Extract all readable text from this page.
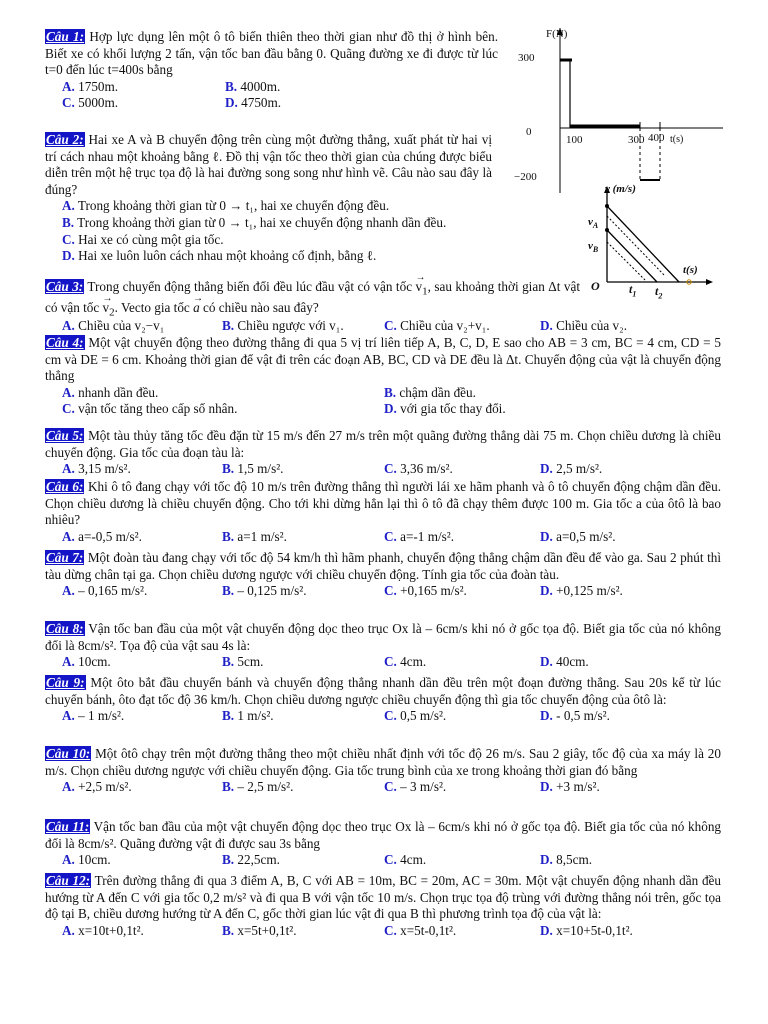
Câu 1: Hợp lực dụng lên một ô tô biến thiên theo thời gian như đồ thị ở hình bên. Biết xe có khối lượng 2 tấn, vận tốc ban đầu bằng 0. Quãng đường xe đi được từ lúc t=0 đến lúc t=400s bằng

A. 1750m.	B. 4000m.
C. 5000m.	D. 4750m.
F(N)
300
0
−200
100	300 400 t(s)

Câu 2: Hai xe A và B chuyển động trên cùng một đường thẳng, xuất phát từ hai vị trí cách nhau một khoảng bằng ℓ. Đồ thị vận tốc theo thời gian của chúng được biểu diễn trên một hệ trục tọa độ là hai đường song song như hình vẽ. Câu nào sau đây là đúng?

A. Trong khoảng thời gian từ 0 → t₁, hai xe chuyển động đều.
B. Trong khoảng thời gian từ 0 → t₁, hai xe chuyển động nhanh dần đều.
C. Hai xe có cùng một gia tốc.
D. Hai xe luôn luôn cách nhau một khoảng cố định, bằng ℓ.
v (m/s)
$v_A$
$v_B$
O
t(s)
$t_1$ $t_2$

Câu 3: Trong chuyển động thẳng biến đổi đều lúc đầu vật có vận tốc → $v_1$, sau khoảng thời gian Δt vật có vận tốc → $v_2$. Vecto gia tốc → a có chiều nào sau đây?

A. Chiều của v₂−v₁	B. Chiều ngược với v₁.	C. Chiều của v₂+v₁.	D. Chiều của v₂.

Câu 4: Một vật chuyển động theo đường thẳng đi qua 5 vị trí liên tiếp A, B, C, D, E sao cho AB = 3 cm, BC = 4 cm, CD = 5 cm và DE = 6 cm. Khoảng thời gian để vật đi trên các đoạn AB, BC, CD và DE đều là Δt. Chuyển động của vật là chuyển động thẳng

A. nhanh dần đều.	B. chậm dần đều.
C. vận tốc tăng theo cấp số nhân.	D. với gia tốc thay đổi.

Câu 5: Một tàu thủy tăng tốc đều đặn từ 15 m/s đến 27 m/s trên một quãng đường thẳng dài 75 m. Chọn chiều dương là chiều chuyển động. Gia tốc của đoạn tàu là:

A. 3,15 m/s².	B. 1,5 m/s².	C. 3,36 m/s².	D. 2,5 m/s².

Câu 6: Khi ô tô đang chạy với tốc độ 10 m/s trên đường thẳng thì người lái xe hãm phanh và ô tô chuyển động chậm dần đều. Chọn chiều dương là chiều chuyển động. Cho tới khi dừng hẳn lại thì ô tô đã chạy thêm được 100 m. Gia tốc a của ôtô là bao nhiêu?

A. a=-0,5 m/s².	B. a=1 m/s².	C. a=-1 m/s².	D. a=0,5 m/s².

Câu 7: Một đoàn tàu đang chạy với tốc độ 54 km/h thì hãm phanh, chuyển động thẳng chậm dần đều để vào ga. Sau 2 phút thì tàu dừng chân tại ga. Chọn chiều dương ngược với chiều chuyển động. Tính gia tốc của đoàn tàu.

A. – 0,165 m/s².	B. – 0,125 m/s².	C. +0,165 m/s².	D. +0,125 m/s².

Câu 8: Vận tốc ban đầu của một vật chuyển động dọc theo trục Ox là – 6cm/s khi nó ở gốc tọa độ. Biết gia tốc của nó không đổi là 8cm/s². Tọa độ của vật sau 4s là:

A. 10cm.	B. 5cm.	C. 4cm.	D. 40cm.

Câu 9: Một ôto bắt đầu chuyển bánh và chuyển động thẳng nhanh dần đều trên một đoạn đường thẳng. Sau 20s kể từ lúc chuyển bánh, ôto đạt tốc độ 36 km/h. Chọn chiều dương ngược chiều chuyển động thì gia tốc chuyển động của ôtô là:

A. – 1 m/s².	B. 1 m/s².	C. 0,5 m/s².	D. - 0,5 m/s².

Câu 10: Một ôtô chạy trên một đường thẳng theo một chiều nhất định với tốc độ 26 m/s. Sau 2 giây, tốc độ của xa máy là 20 m/s. Chọn chiều dương ngược với chiều chuyển động. Gia tốc trung bình của xe trong khoảng thời gian đó bằng

A. +2,5 m/s².	B. – 2,5 m/s².	C. – 3 m/s².	D. +3 m/s².

Câu 11: Vận tốc ban đầu của một vật chuyển động dọc theo trục Ox là – 6cm/s khi nó ở gốc tọa độ. Biết gia tốc của nó không đổi là 8cm/s². Quãng đường vật đi được sau 3s bằng

A. 10cm.	B. 22,5cm.	C. 4cm.	D. 8,5cm.

Câu 12: Trên đường thẳng đi qua 3 điểm A, B, C với AB = 10m, BC = 20m, AC = 30m. Một vật chuyển động nhanh dần đều hướng từ A đến C với gia tốc 0,2 m/s² và đi qua B với vận tốc 10 m/s. Chọn trục tọa độ trùng với đường thẳng nói trên, gốc tọa độ tại B, chiều dương hướng từ A đến C, gốc thời gian lúc vật đi qua B thì phương trình tọa độ của vật là:

A. x=10t+0,1t².	B. x=5t+0,1t².	C. x=5t-0,1t².	D. x=10+5t-0,1t².
